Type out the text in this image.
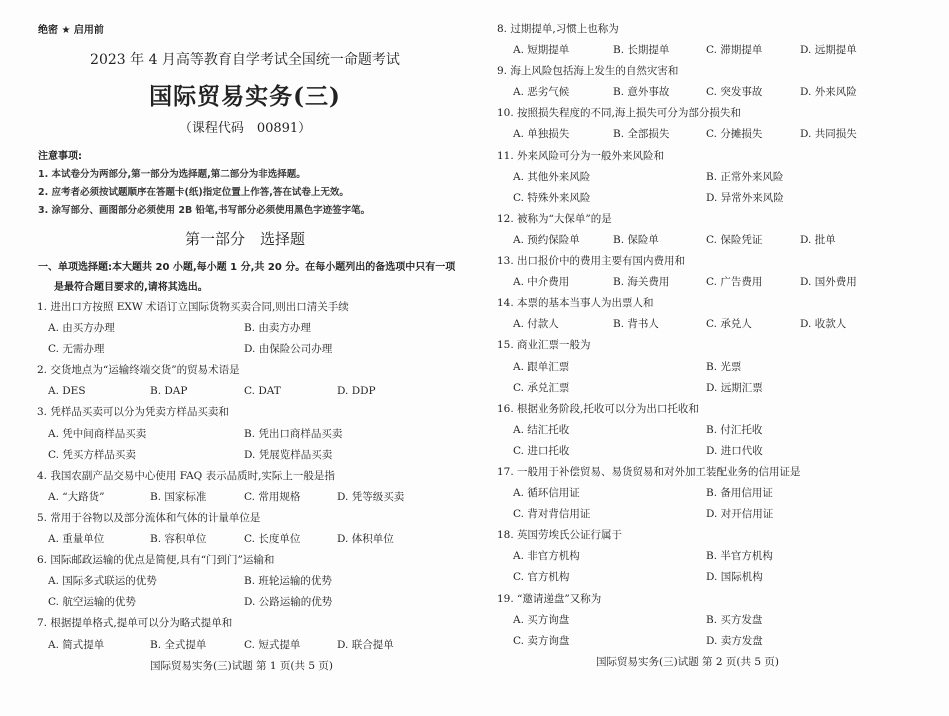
绝密 ★ 启用前
2023 年 4 月高等教育自学考试全国统一命题考试
国际贸易实务(三)
（课程代码　00891）
注意事项:
1. 本试卷分为两部分,第一部分为选择题,第二部分为非选择题。
2. 应考者必须按试题顺序在答题卡(纸)指定位置上作答,答在试卷上无效。
3. 涂写部分、画图部分必须使用 2B 铅笔,书写部分必须使用黑色字迹签字笔。
第一部分　选择题
一、单项选择题:本大题共 20 小题,每小题 1 分,共 20 分。在每小题列出的备选项中只有一项
是最符合题目要求的,请将其选出。
1. 进出口方按照 EXW 术语订立国际货物买卖合同,则出口清关手续
A. 由买方办理	B. 由卖方办理
C. 无需办理	D. 由保险公司办理
2. 交货地点为“运输终端交货”的贸易术语是
A. DES	B. DAP	C. DAT	D. DDP
3. 凭样品买卖可以分为凭卖方样品买卖和
A. 凭中间商样品买卖	B. 凭出口商样品买卖
C. 凭买方样品买卖	D. 凭展览样品买卖
4. 我国农副产品交易中心使用 FAQ 表示品质时,实际上一般是指
A. “大路货”	B. 国家标准	C. 常用规格	D. 凭等级买卖
5. 常用于谷物以及部分流体和气体的计量单位是
A. 重量单位	B. 容积单位	C. 长度单位	D. 体积单位
6. 国际邮政运输的优点是简便,具有“门到门”运输和
A. 国际多式联运的优势	B. 班轮运输的优势
C. 航空运输的优势	D. 公路运输的优势
7. 根据提单格式,提单可以分为略式提单和
A. 简式提单	B. 全式提单	C. 短式提单	D. 联合提单
国际贸易实务(三)试题 第 1 页(共 5 页)
8. 过期提单,习惯上也称为
A. 短期提单	B. 长期提单	C. 滞期提单	D. 远期提单
9. 海上风险包括海上发生的自然灾害和
A. 恶劣气候	B. 意外事故	C. 突发事故	D. 外来风险
10. 按照损失程度的不同,海上损失可分为部分损失和
A. 单独损失	B. 全部损失	C. 分摊损失	D. 共同损失
11. 外来风险可分为一般外来风险和
A. 其他外来风险	B. 正常外来风险
C. 特殊外来风险	D. 异常外来风险
12. 被称为“大保单”的是
A. 预约保险单	B. 保险单	C. 保险凭证	D. 批单
13. 出口报价中的费用主要有国内费用和
A. 中介费用	B. 海关费用	C. 广告费用	D. 国外费用
14. 本票的基本当事人为出票人和
A. 付款人	B. 背书人	C. 承兑人	D. 收款人
15. 商业汇票一般为
A. 跟单汇票	B. 光票
C. 承兑汇票	D. 远期汇票
16. 根据业务阶段,托收可以分为出口托收和
A. 结汇托收	B. 付汇托收
C. 进口托收	D. 进口代收
17. 一般用于补偿贸易、易货贸易和对外加工装配业务的信用证是
A. 循环信用证	B. 备用信用证
C. 背对背信用证	D. 对开信用证
18. 英国劳埃氏公证行属于
A. 非官方机构	B. 半官方机构
C. 官方机构	D. 国际机构
19. “邀请递盘”又称为
A. 买方询盘	B. 买方发盘
C. 卖方询盘	D. 卖方发盘
国际贸易实务(三)试题 第 2 页(共 5 页)
